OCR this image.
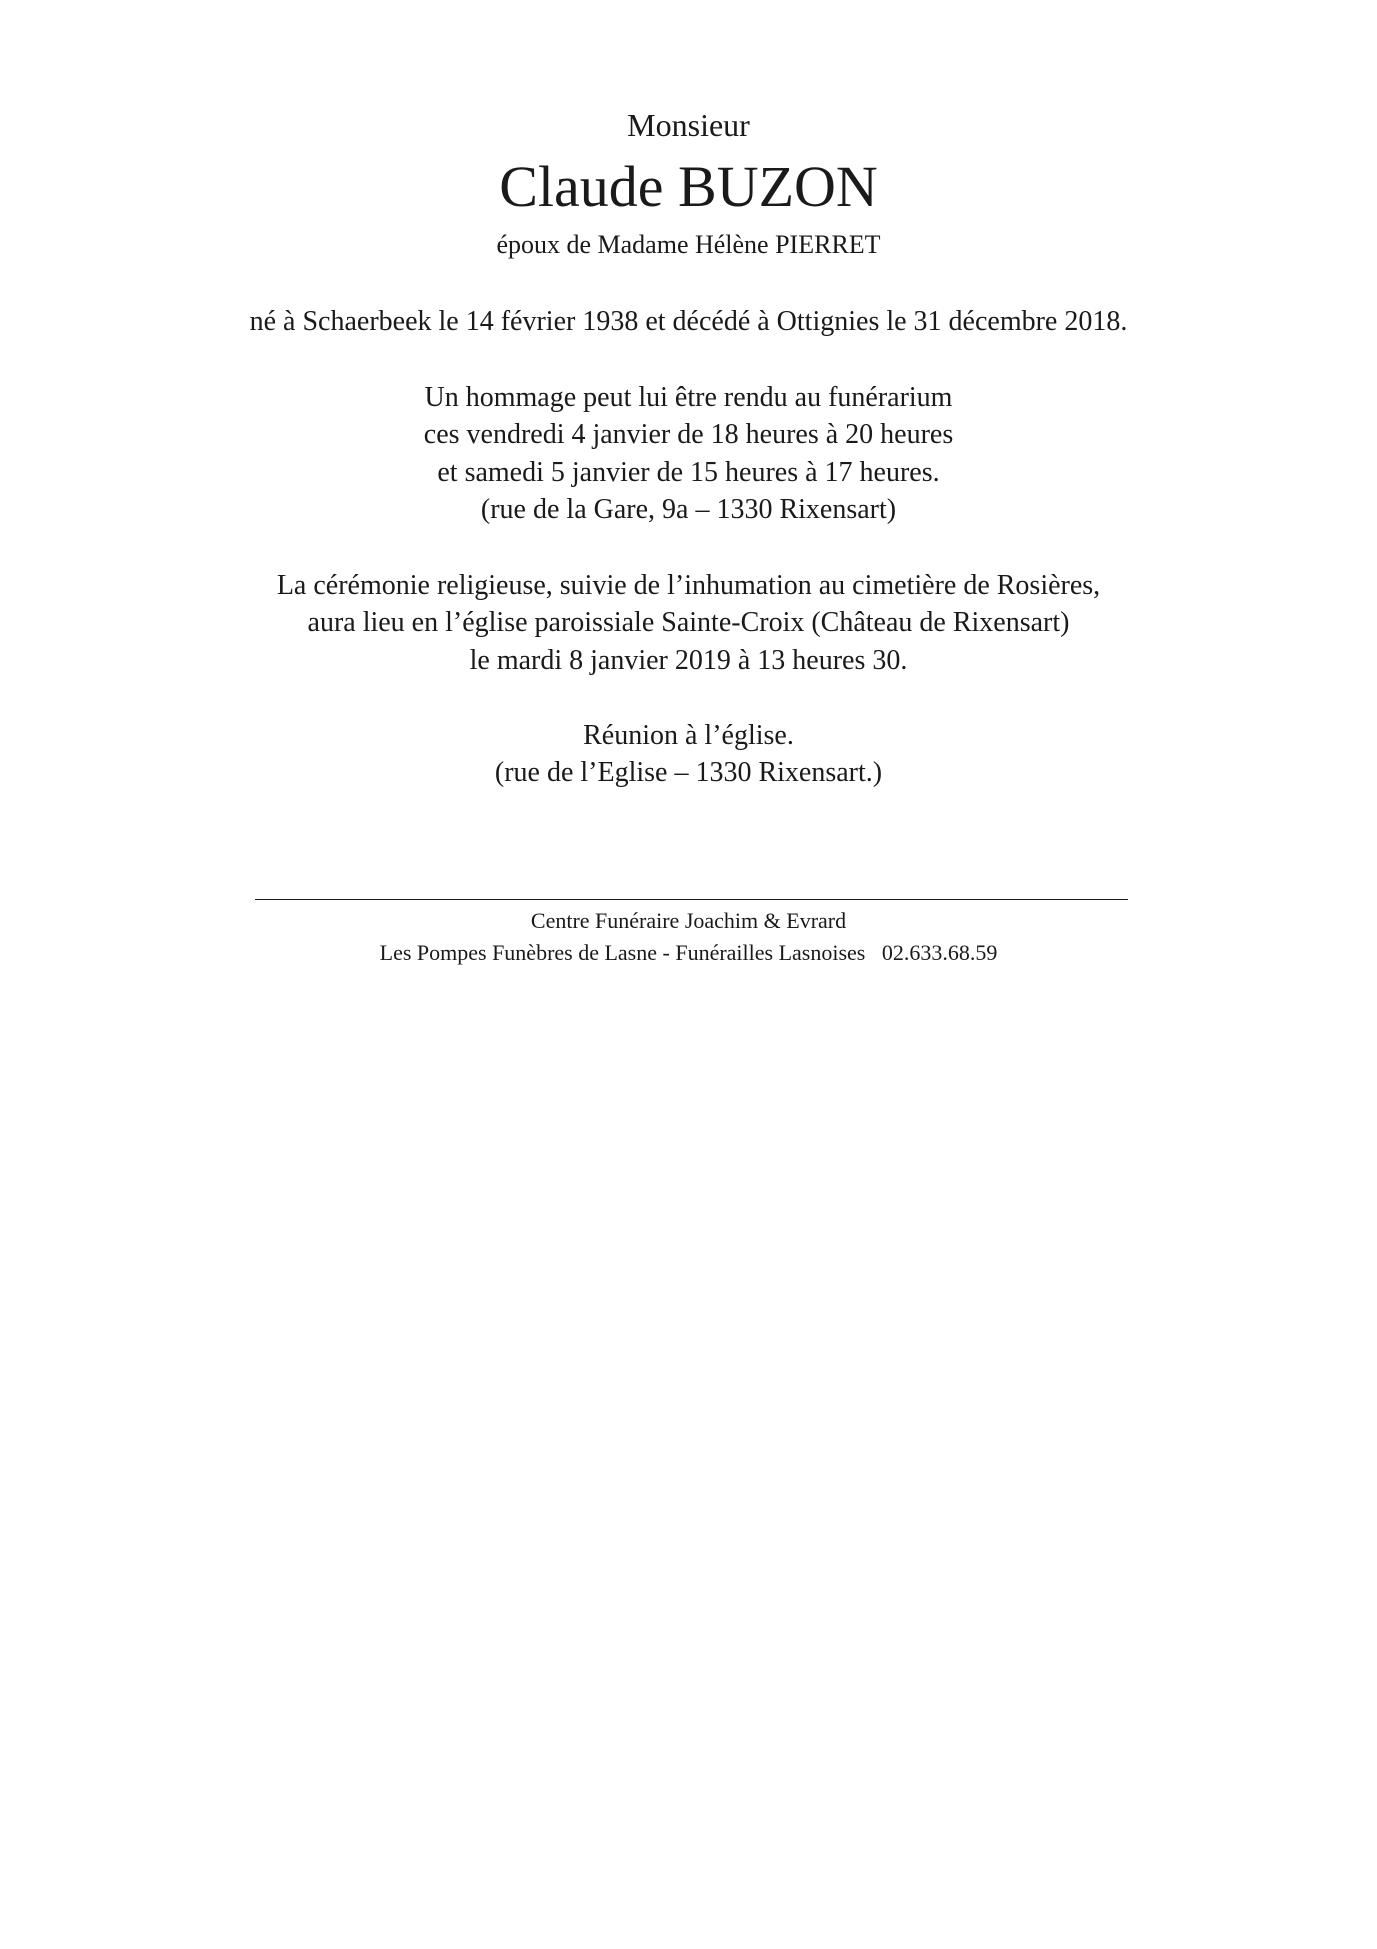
Monsieur
Claude BUZON
époux de Madame Hélène PIERRET
né à Schaerbeek le 14 février 1938 et décédé à Ottignies le 31 décembre 2018.
Un hommage peut lui être rendu au funérarium
ces vendredi 4 janvier de 18 heures à 20 heures
et samedi 5 janvier de 15 heures à 17 heures.
(rue de la Gare, 9a – 1330 Rixensart)
La cérémonie religieuse, suivie de l’inhumation au cimetière de Rosières,
aura lieu en l’église paroissiale Sainte-Croix (Château de Rixensart)
le mardi 8 janvier 2019 à 13 heures 30.
Réunion à l’église.
(rue de l’Eglise – 1330 Rixensart.)
Centre Funéraire Joachim & Evrard
Les Pompes Funèbres de Lasne - Funérailles Lasnoises   02.633.68.59
